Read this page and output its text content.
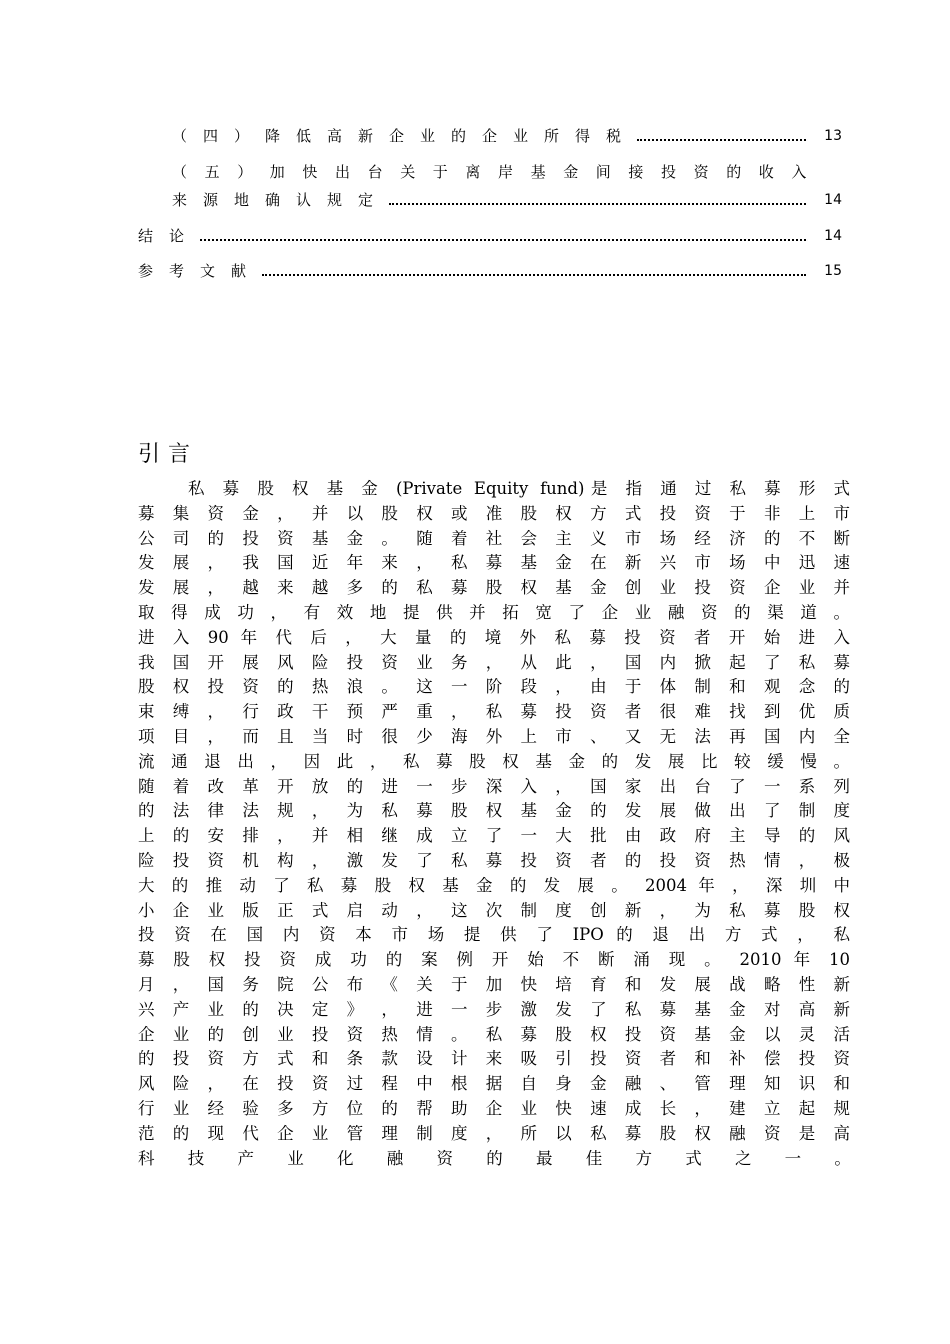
（四）降低高新企业的企业所得税	13
（五）加快出台关于离岸基金间接投资的收入
来源地确认规定	14
结论	14
参考文献	15
引言
私 募 股 权 基 金 (Private Equity fund)是 指 通 过 私 募 形 式
募 集 资 金 ， 并 以 股 权 或 准 股 权 方 式 投 资 于 非 上 市
公 司 的 投 资 基 金 。 随 着 社 会 主 义 市 场 经 济 的 不 断
发 展 ， 我 国 近 年 来 ， 私 募 基 金 在 新 兴 市 场 中 迅 速
发 展 ， 越 来 越 多 的 私 募 股 权 基 金 创 业 投 资 企 业 并
取 得 成 功 ， 有 效 地 提 供 并 拓 宽 了 企 业 融 资 的 渠 道 。
进 入 90 年 代 后 ， 大 量 的 境 外 私 募 投 资 者 开 始 进 入
我 国 开 展 风 险 投 资 业 务 ， 从 此 ， 国 内 掀 起 了 私 募
股 权 投 资 的 热 浪 。 这 一 阶 段 ， 由 于 体 制 和 观 念 的
束 缚 ， 行 政 干 预 严 重 ， 私 募 投 资 者 很 难 找 到 优 质
项 目 ， 而 且 当 时 很 少 海 外 上 市 、 又 无 法 再 国 内 全
流 通 退 出 ， 因 此 ， 私 募 股 权 基 金 的 发 展 比 较 缓 慢 。
随 着 改 革 开 放 的 进 一 步 深 入 ， 国 家 出 台 了 一 系 列
的 法 律 法 规 ， 为 私 募 股 权 基 金 的 发 展 做 出 了 制 度
上 的 安 排 ， 并 相 继 成 立 了 一 大 批 由 政 府 主 导 的 风
险 投 资 机 构 ， 激 发 了 私 募 投 资 者 的 投 资 热 情 ， 极
大 的 推 动 了 私 募 股 权 基 金 的 发 展 。 2004 年 ， 深 圳 中
小 企 业 版 正 式 启 动 ， 这 次 制 度 创 新 ， 为 私 募 股 权
投 资 在 国 内 资 本 市 场 提 供 了 IPO 的 退 出 方 式 ， 私
募 股 权 投 资 成 功 的 案 例 开 始 不 断 涌 现 。 2010 年 10
月 ， 国 务 院 公 布 《 关 于 加 快 培 育 和 发 展 战 略 性 新
兴 产 业 的 决 定 》 ， 进 一 步 激 发 了 私 募 基 金 对 高 新
企 业 的 创 业 投 资 热 情 。 私 募 股 权 投 资 基 金 以 灵 活
的 投 资 方 式 和 条 款 设 计 来 吸 引 投 资 者 和 补 偿 投 资
风 险 ， 在 投 资 过 程 中 根 据 自 身 金 融 、 管 理 知 识 和
行 业 经 验 多 方 位 的 帮 助 企 业 快 速 成 长 ， 建 立 起 规
范 的 现 代 企 业 管 理 制 度 ， 所 以 私 募 股 权 融 资 是 高
科 技 产 业 化 融 资 的 最 佳 方 式 之 一 。
